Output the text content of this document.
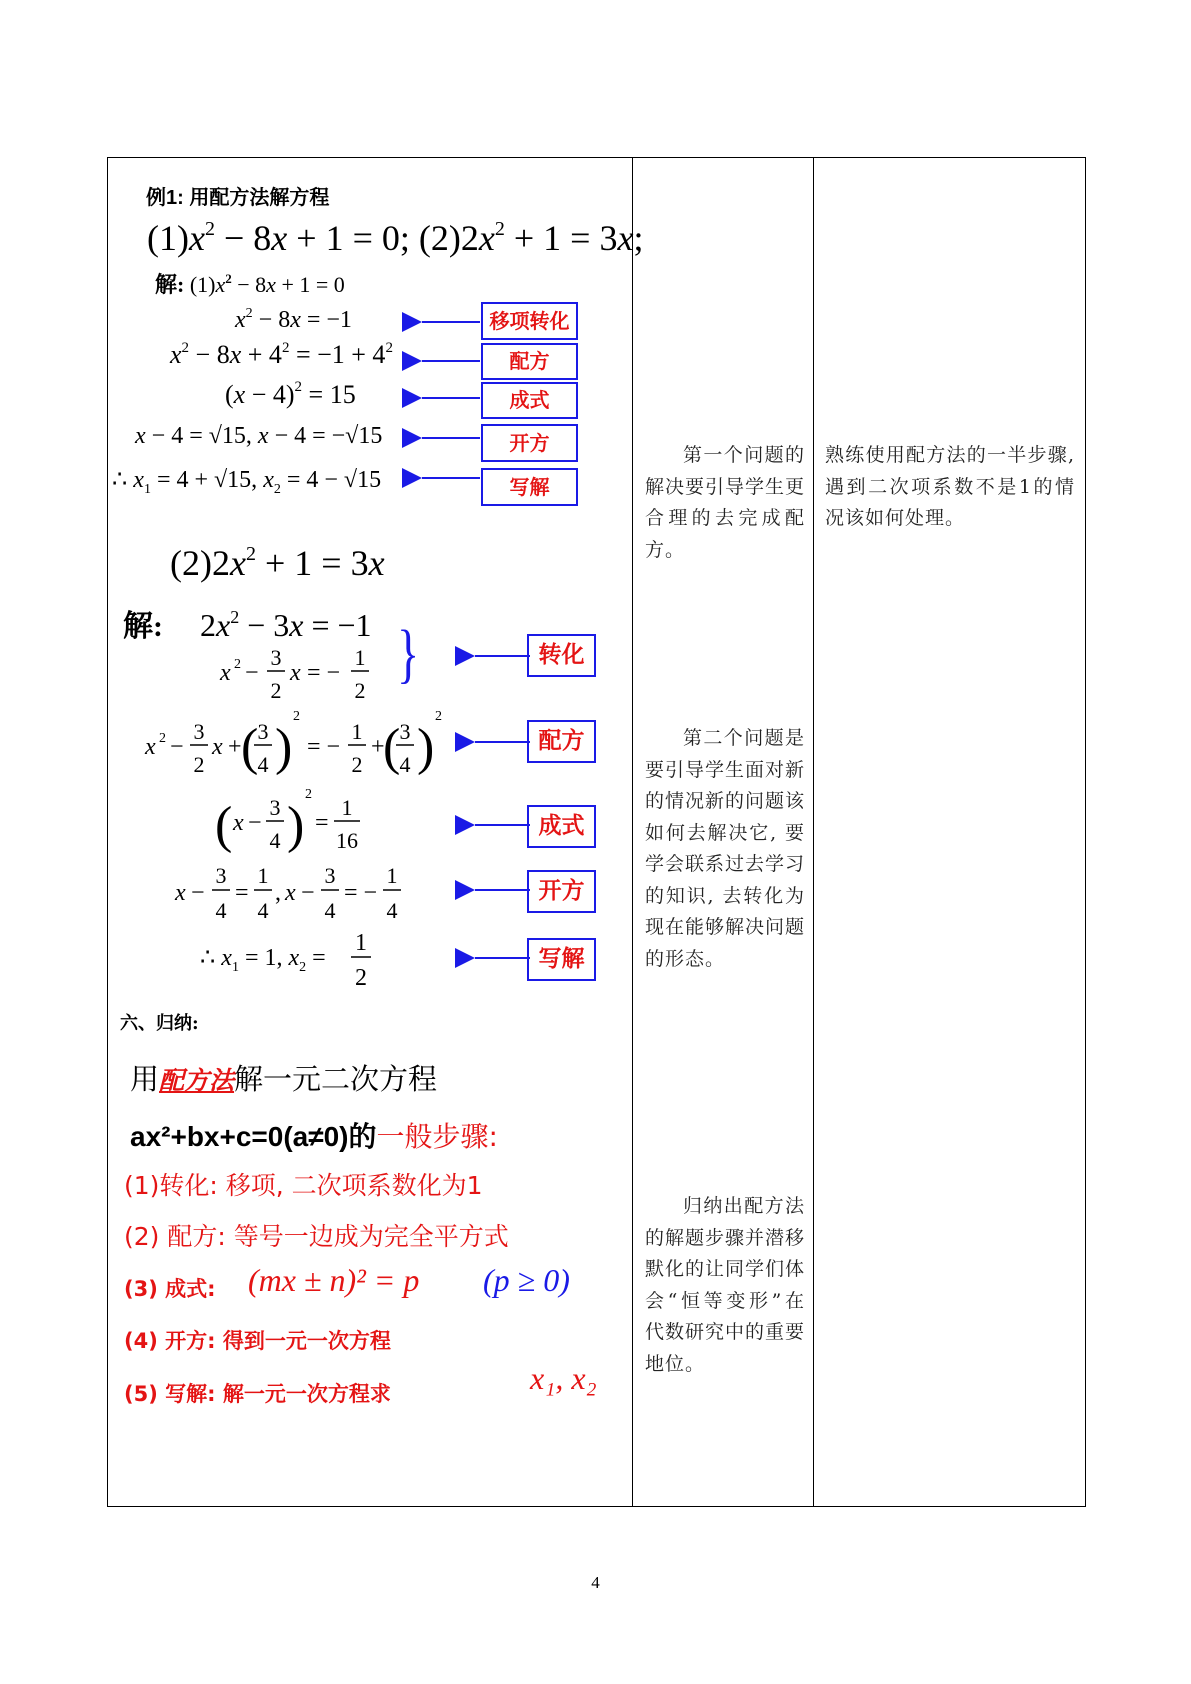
例1: 用配方法解方程
$(1)x^2 - 8x + 1 = 0$; $(2)2x^2 + 1 = 3x$;
解: $(1)x^2 - 8x + 1 = 0$
$x^2 - 8x = -1$
$x^2 - 8x + 4^2 = -1 + 4^2$
$(x - 4)^2 = 15$
x − 4 = √15, x − 4 = −√15
∴ $x_1 = 4 + √15$, $x_2 = 4 - √15$
移项转化
配方
成式
开方
写解
$(2)2x^2 + 1 = 3x$
解: $2x^2 - 3x = -1$ }
x 2 −
3
2
x = −
1
2
x 2 −
3
2
x + ( 3
4 )
2
= −
1
2
+
( 3
4 )
2
( x −
3
4 )
2
=
1
16
x −
3
4
=
1
4
, x −
3
4
= −
1
4
∴ $x_1 = 1$, $x_2$ =
1
2
转化
配方
成式
开方
写解
六、归纳:
用配方法解一元二次方程
ax²+bx+c=0(a≠0)的一般步骤:
(1)转化: 移项, 二次项系数化为1
(2) 配方: 等号一边成为完全平方式
(3) 成式: (mx ± n)² = p (p ≥ 0)
(4) 开方: 得到一元一次方程
(5) 写解: 解一元一次方程求	x₁, x₂
第一个问题的解决要引导学生更合理的去完成配方。
第二个问题是要引导学生面对新的情况新的问题该如何去解决它, 要学会联系过去学习的知识, 去转化为现在能够解决问题的形态。
归纳出配方法的解题步骤并潜移默化的让同学们体会“恒等变形”在代数研究中的重要地位。
熟练使用配方法的一半步骤, 遇到二次项系数不是1的情况该如何处理。
4
